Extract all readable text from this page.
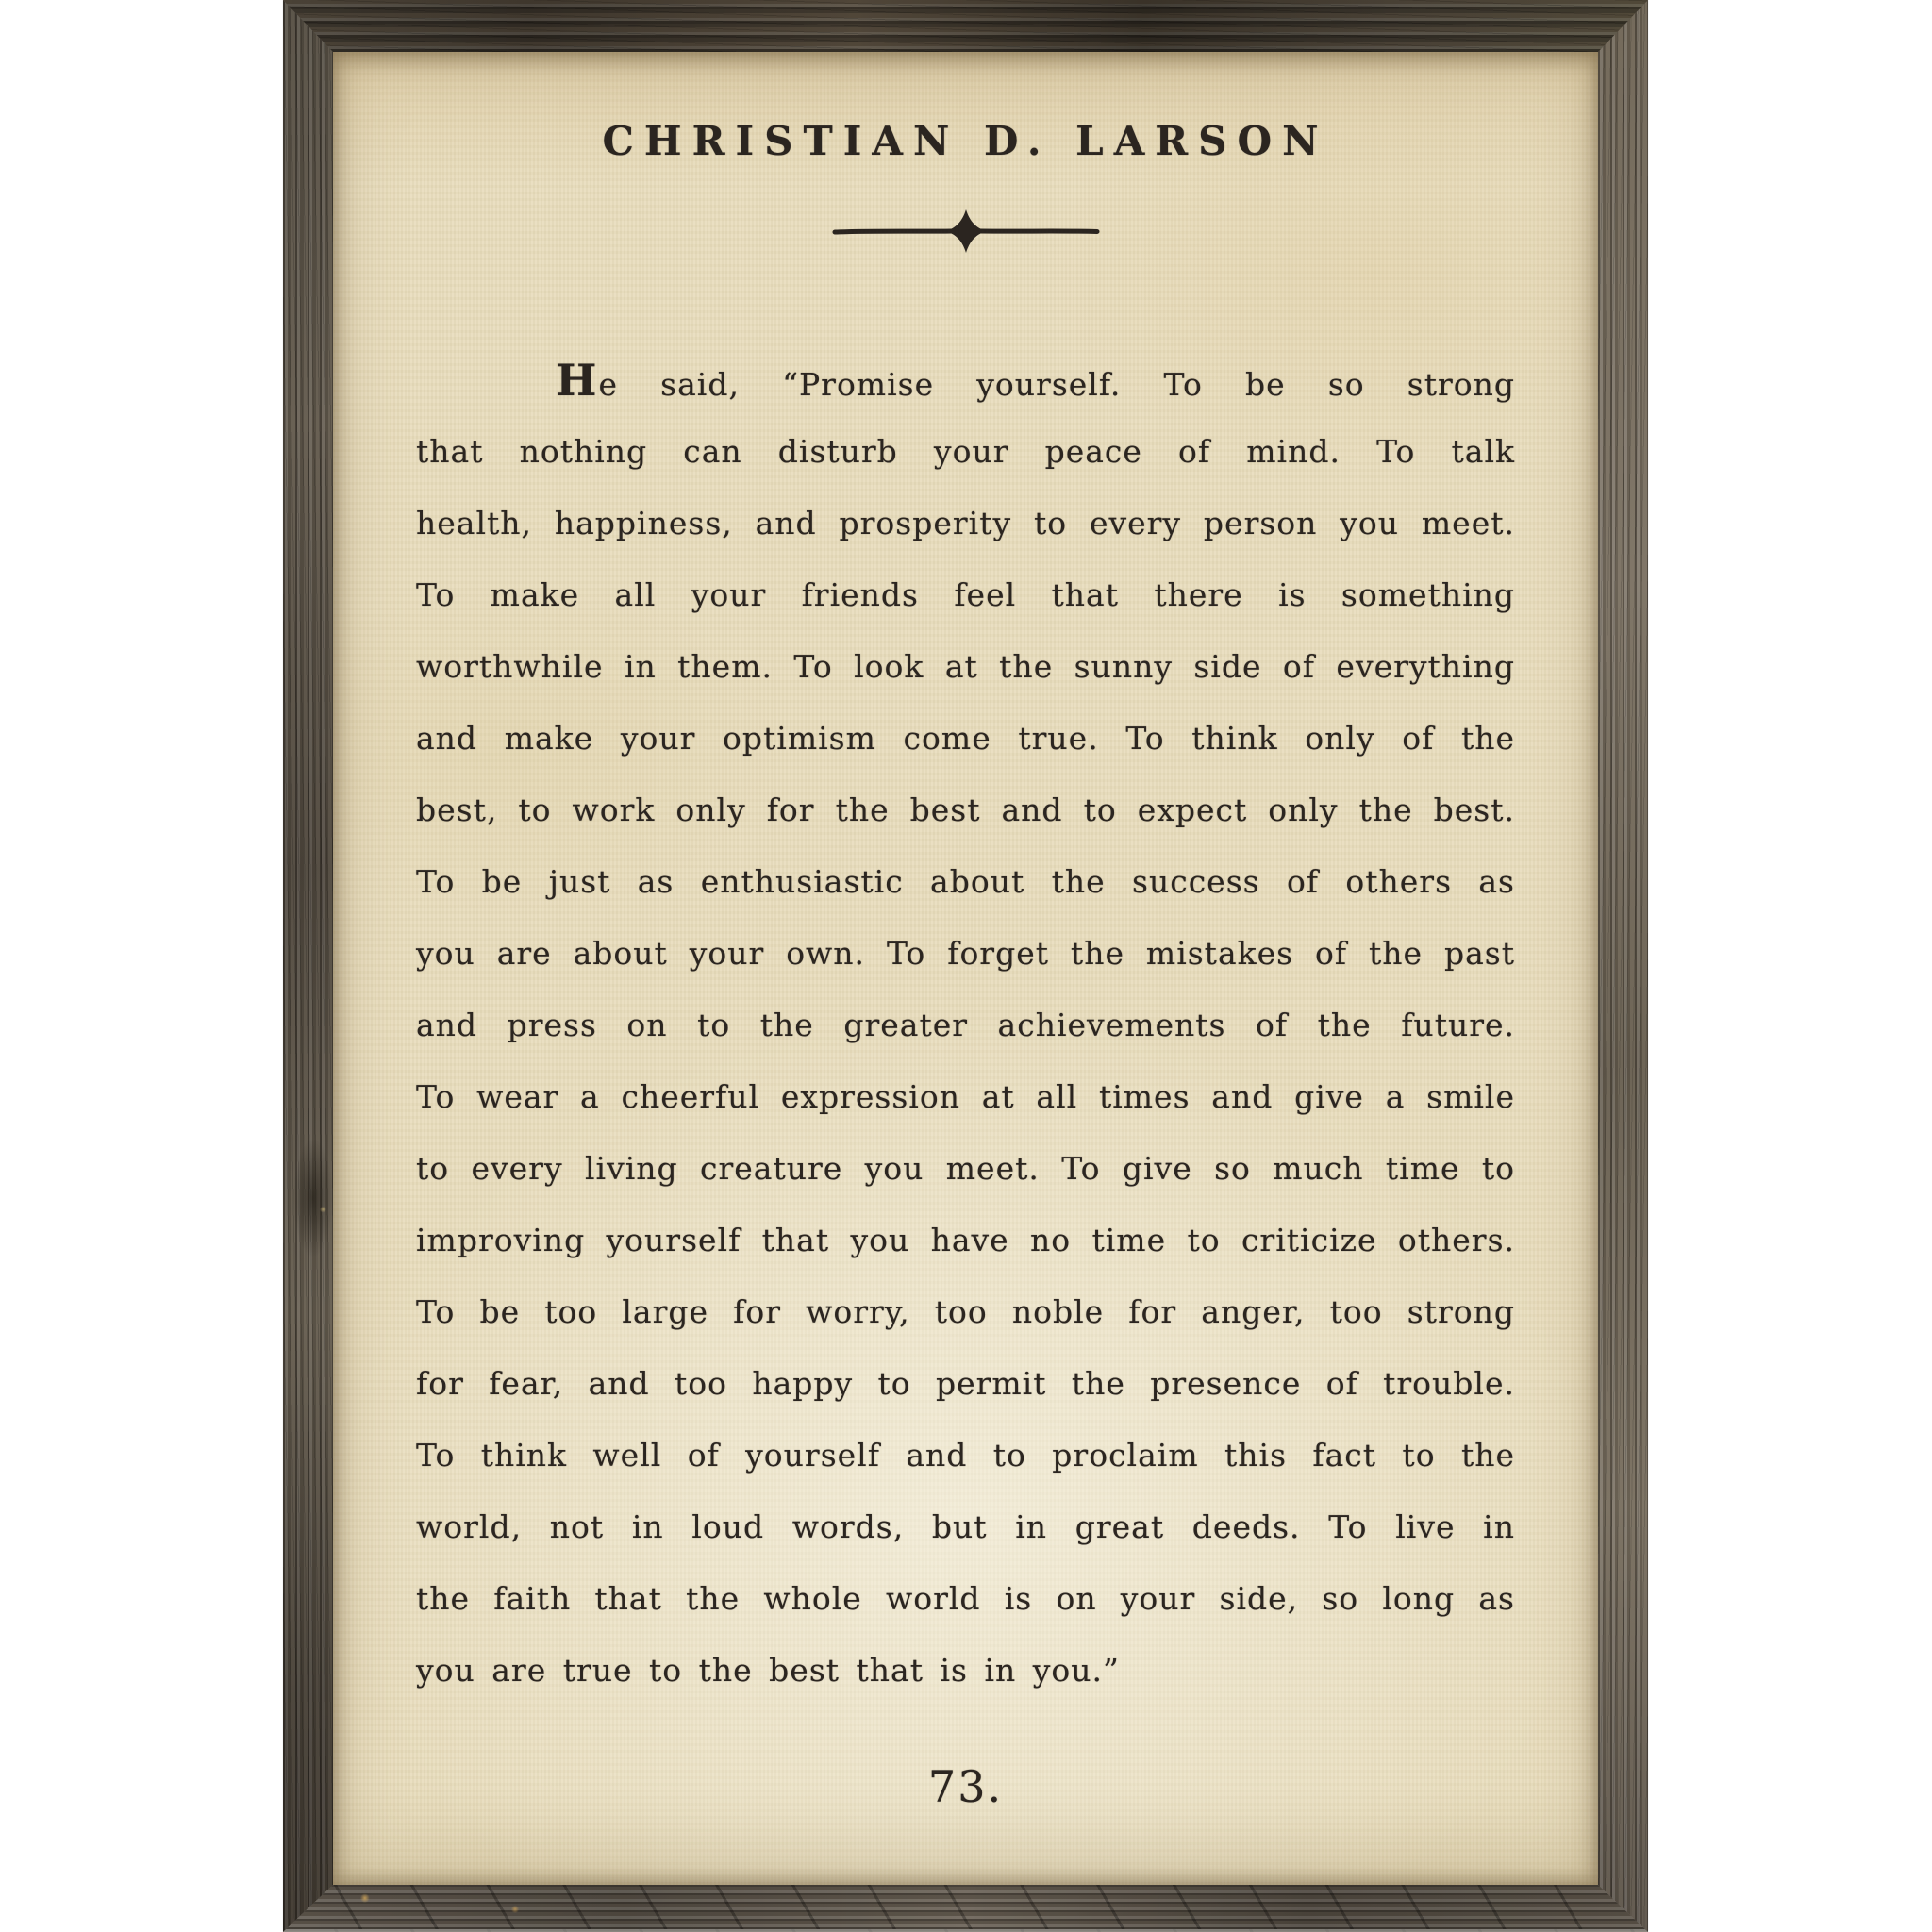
CHRISTIAN D. LARSON
He said, “Promise yourself. To be so strong
that nothing can disturb your peace of mind. To talk
health, happiness, and prosperity to every person you meet.
To make all your friends feel that there is something
worthwhile in them. To look at the sunny side of everything
and make your optimism come true. To think only of the
best, to work only for the best and to expect only the best.
To be just as enthusiastic about the success of others as
you are about your own. To forget the mistakes of the past
and press on to the greater achievements of the future.
To wear a cheerful expression at all times and give a smile
to every living creature you meet. To give so much time to
improving yourself that you have no time to criticize others.
To be too large for worry, too noble for anger, too strong
for fear, and too happy to permit the presence of trouble.
To think well of yourself and to proclaim this fact to the
world, not in loud words, but in great deeds. To live in
the faith that the whole world is on your side, so long as
you are true to the best that is in you.”
73.
